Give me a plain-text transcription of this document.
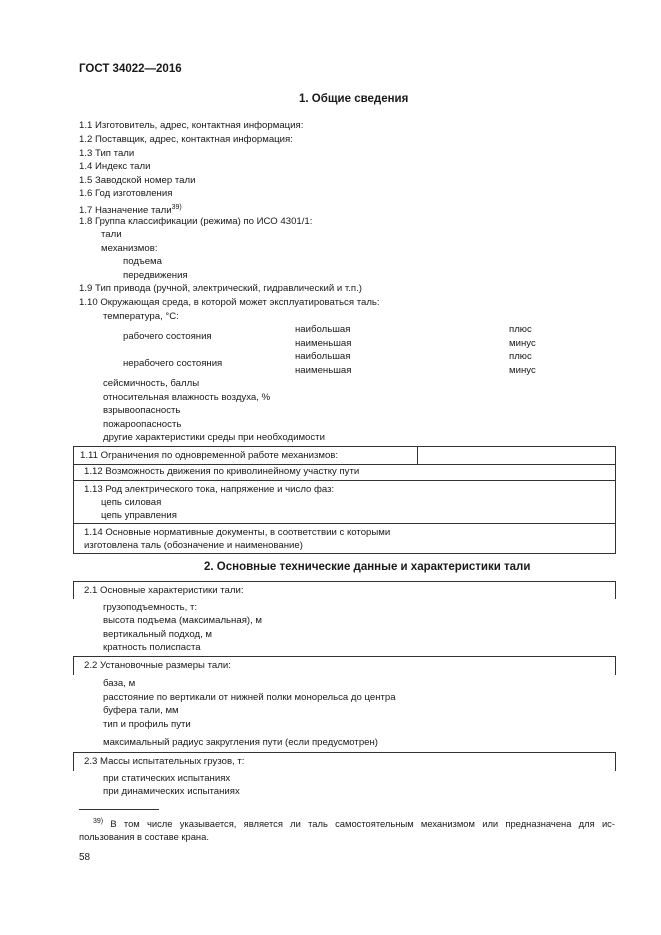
ГОСТ 34022—2016
1. Общие сведения
1.1 Изготовитель, адрес, контактная информация:
1.2 Поставщик, адрес, контактная информация:
1.3 Тип тали
1.4 Индекс тали
1.5 Заводской номер тали
1.6 Год изготовления
1.7 Назначение тали$^{39)}$
1.8 Группа классификации (режима) по ИСО 4301/1:
тали
механизмов:
подъема
передвижения
1.9 Тип привода (ручной, электрический, гидравлический и т.п.)
1.10 Окружающая среда, в которой может эксплуатироваться таль:
температура, °С:
рабочего состояния
наибольшая	плюс
наименьшая	минус
нерабочего состояния
наибольшая	плюс
наименьшая	минус
сейсмичность, баллы
относительная влажность воздуха, %
взрывоопасность
пожароопасность
другие характеристики среды при необходимости
1.11 Ограничения по одновременной работе механизмов:
1.12 Возможность движения по криволинейному участку пути
1.13 Род электрического тока, напряжение и число фаз:
цепь силовая
цепь управления
1.14 Основные нормативные документы, в соответствии с которыми
изготовлена таль (обозначение и наименование)
2. Основные технические данные и характеристики тали
2.1 Основные характеристики тали:
грузоподъемность, т:
высота подъема (максимальная), м
вертикальный подход, м
кратность полиспаста
2.2 Установочные размеры тали:
база, м
расстояние по вертикали от нижней полки монорельса до центра
буфера тали, мм
тип и профиль пути
максимальный радиус закругления пути (если предусмотрен)
2.3 Массы испытательных грузов, т:
при статических испытаниях
при динамических испытаниях
$^{39)}$ В том числе указывается, является ли таль самостоятельным механизмом или предназначена для ис-
пользования в составе крана.
58
